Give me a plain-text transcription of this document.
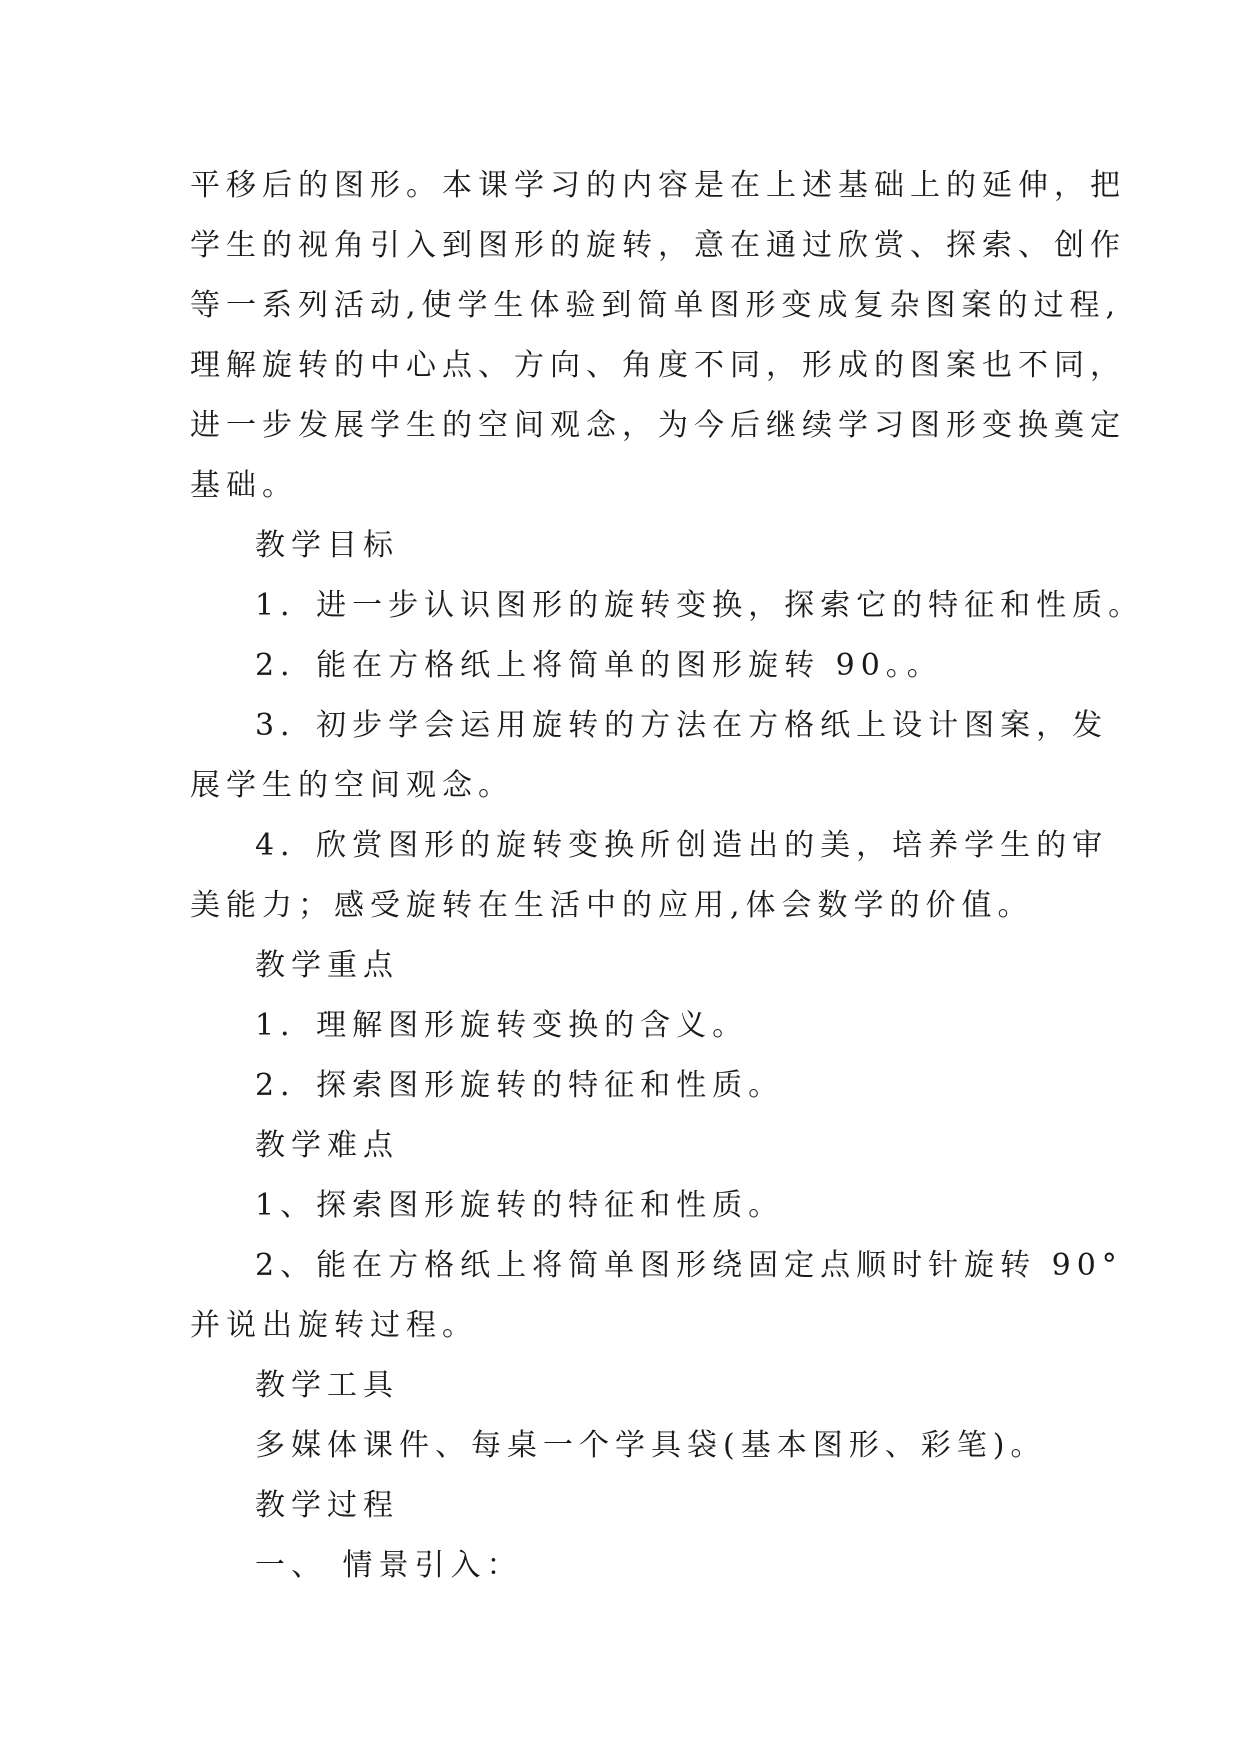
平移后的图形。本课学习的内容是在上述基础上的延伸，把
学生的视角引入到图形的旋转，意在通过欣赏、探索、创作
等一系列活动,使学生体验到简单图形变成复杂图案的过程,
理解旋转的中心点、方向、角度不同，形成的图案也不同，
进一步发展学生的空间观念，为今后继续学习图形变换奠定
基础。
教学目标
1．进一步认识图形的旋转变换，探索它的特征和性质。
2．能在方格纸上将简单的图形旋转 90。。
3．初步学会运用旋转的方法在方格纸上设计图案，发
展学生的空间观念。
4．欣赏图形的旋转变换所创造出的美，培养学生的审
美能力；感受旋转在生活中的应用,体会数学的价值。
教学重点
1．理解图形旋转变换的含义。
2．探索图形旋转的特征和性质。
教学难点
1、探索图形旋转的特征和性质。
2、能在方格纸上将简单图形绕固定点顺时针旋转 90°
并说出旋转过程。
教学工具
多媒体课件、每桌一个学具袋(基本图形、彩笔)。
教学过程
一、 情景引入：
